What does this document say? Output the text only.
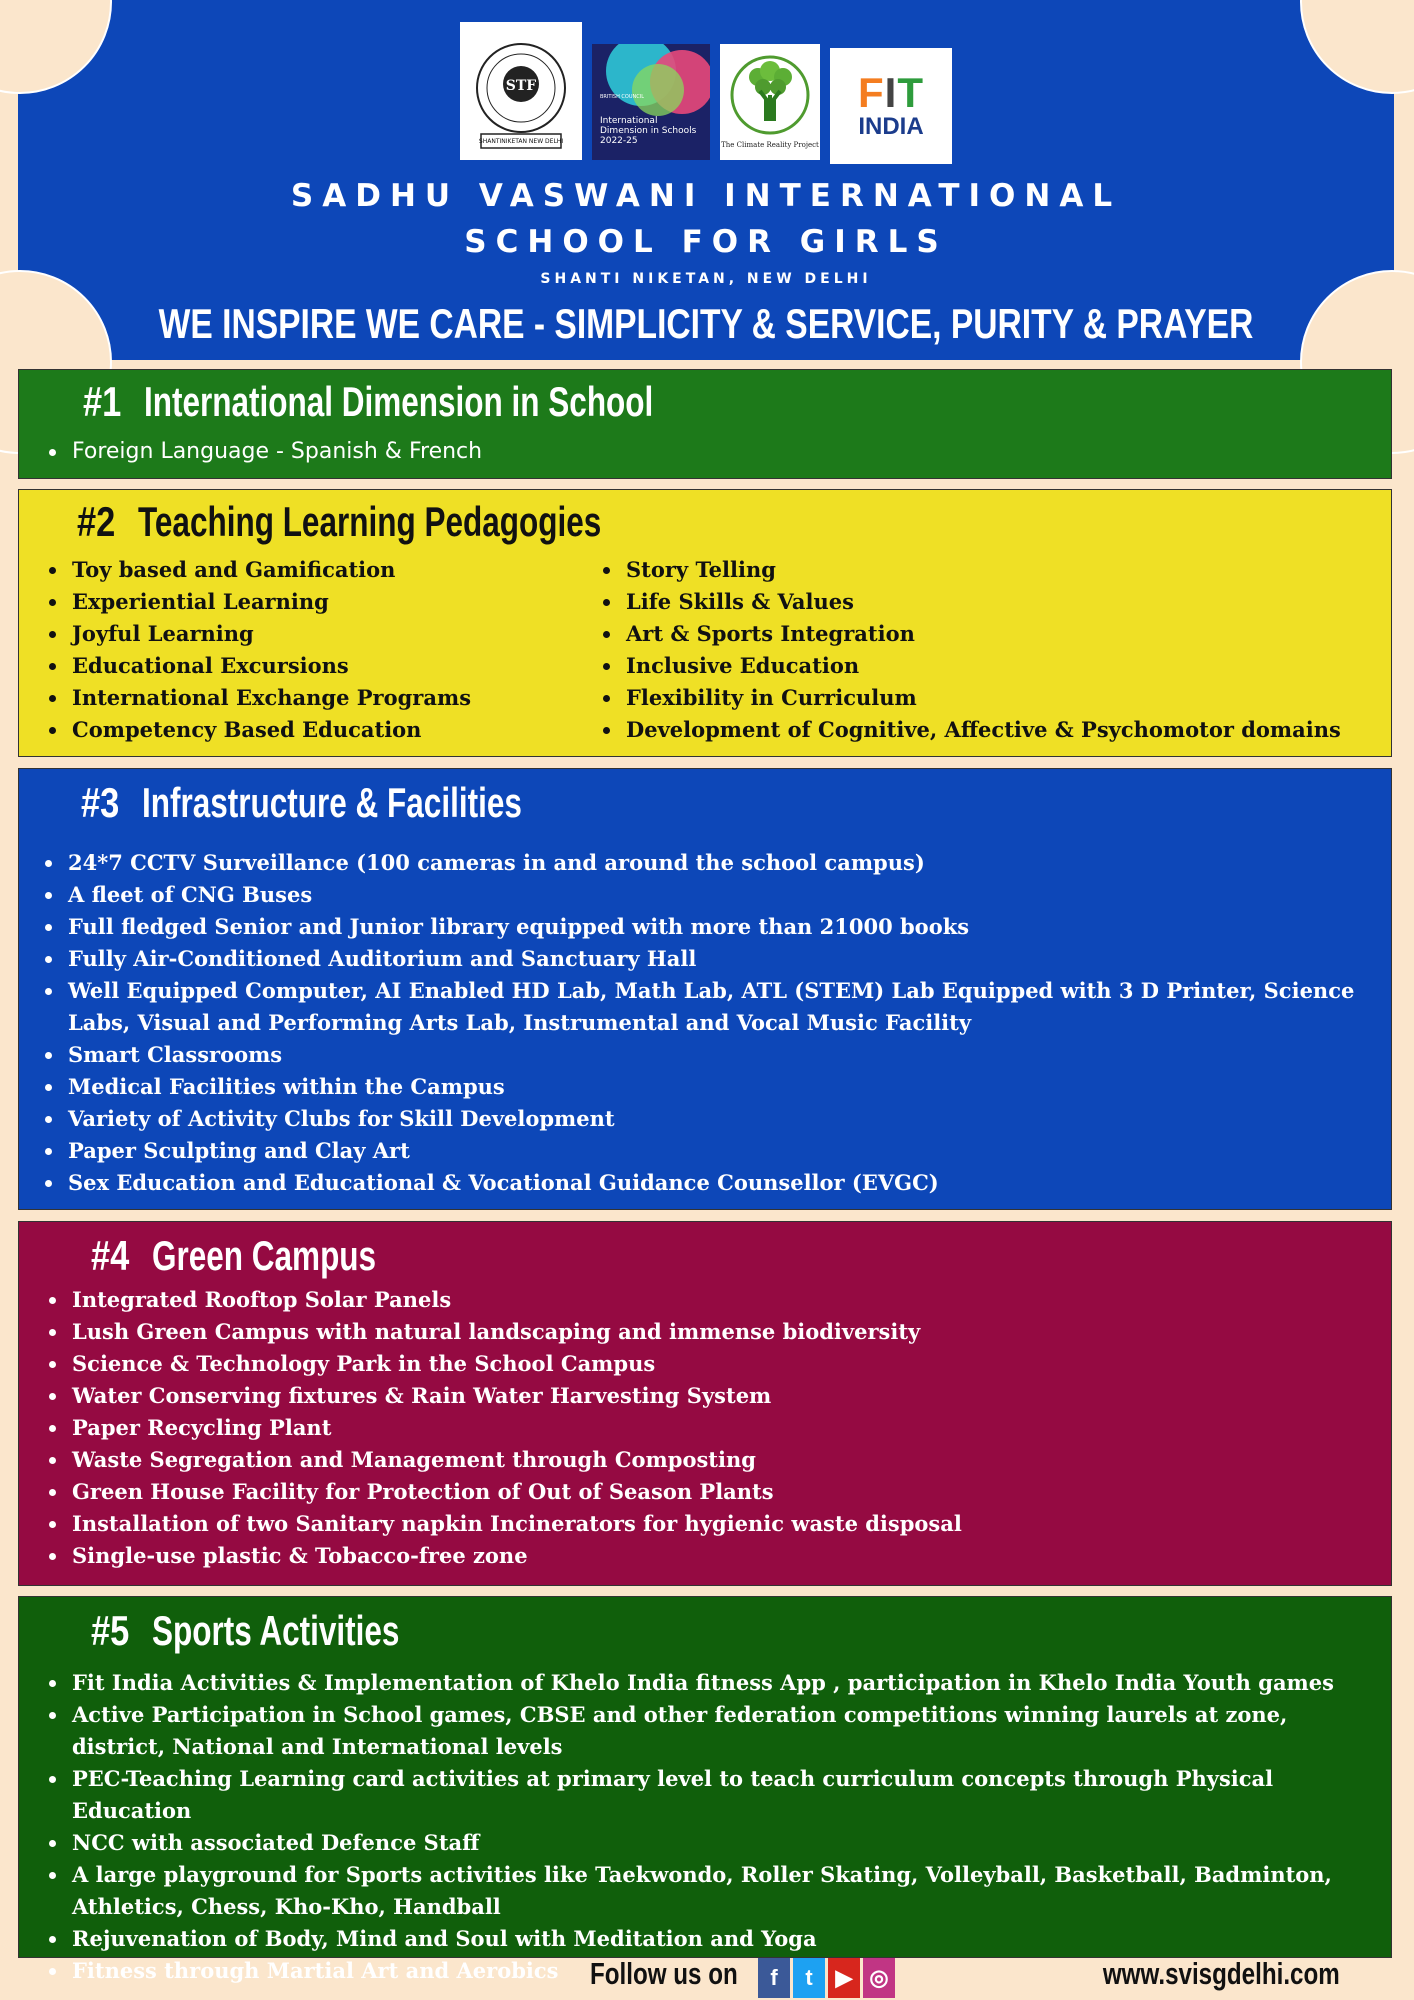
STF
SHANTINIKETAN NEW DELHI
BRITISH COUNCIL
International
Dimension in Schools
2022-25	The Climate Reality Project
FIT
INDIA
SADHU VASWANI INTERNATIONAL
SCHOOL FOR GIRLS
SHANTI NIKETAN, NEW DELHI
WE INSPIRE WE CARE - SIMPLICITY & SERVICE, PURITY & PRAYER
#1 International Dimension in School
Foreign Language - Spanish & French
#2 Teaching Learning Pedagogies
Toy based and Gamification
Experiential Learning
Joyful Learning
Educational Excursions
International Exchange Programs
Competency Based Education
Story Telling
Life Skills & Values
Art & Sports Integration
Inclusive Education
Flexibility in Curriculum
Development of Cognitive, Affective & Psychomotor domains
#3 Infrastructure & Facilities
24*7 CCTV Surveillance (100 cameras in and around the school campus)
A fleet of CNG Buses
Full fledged Senior and Junior library equipped with more than 21000 books
Fully Air-Conditioned Auditorium and Sanctuary Hall
Well Equipped Computer, AI Enabled HD Lab, Math Lab, ATL (STEM) Lab Equipped with 3 D Printer, Science Labs, Visual and Performing Arts Lab, Instrumental and Vocal Music Facility
Smart Classrooms
Medical Facilities within the Campus
Variety of Activity Clubs for Skill Development
Paper Sculpting and Clay Art
Sex Education and Educational & Vocational Guidance Counsellor (EVGC)
#4 Green Campus
Integrated Rooftop Solar Panels
Lush Green Campus with natural landscaping and immense biodiversity
Science & Technology Park in the School Campus
Water Conserving fixtures & Rain Water Harvesting System
Paper Recycling Plant
Waste Segregation and Management through Composting
Green House Facility for Protection of Out of Season Plants
Installation of two Sanitary napkin Incinerators for hygienic waste disposal
Single-use plastic & Tobacco-free zone
#5 Sports Activities
Fit India Activities & Implementation of Khelo India fitness App , participation in Khelo India Youth games
Active Participation in School games, CBSE and other federation competitions winning laurels at zone, district, National and International levels
PEC-Teaching Learning card activities at primary level to teach curriculum concepts through Physical Education
NCC with associated Defence Staff
A large playground for Sports activities like Taekwondo, Roller Skating, Volleyball, Basketball, Badminton, Athletics, Chess, Kho-Kho, Handball
Rejuvenation of Body, Mind and Soul with Meditation and Yoga
Fitness through Martial Art and Aerobics	Follow us on	f	t	▶ ◎	www.svisgdelhi.com
